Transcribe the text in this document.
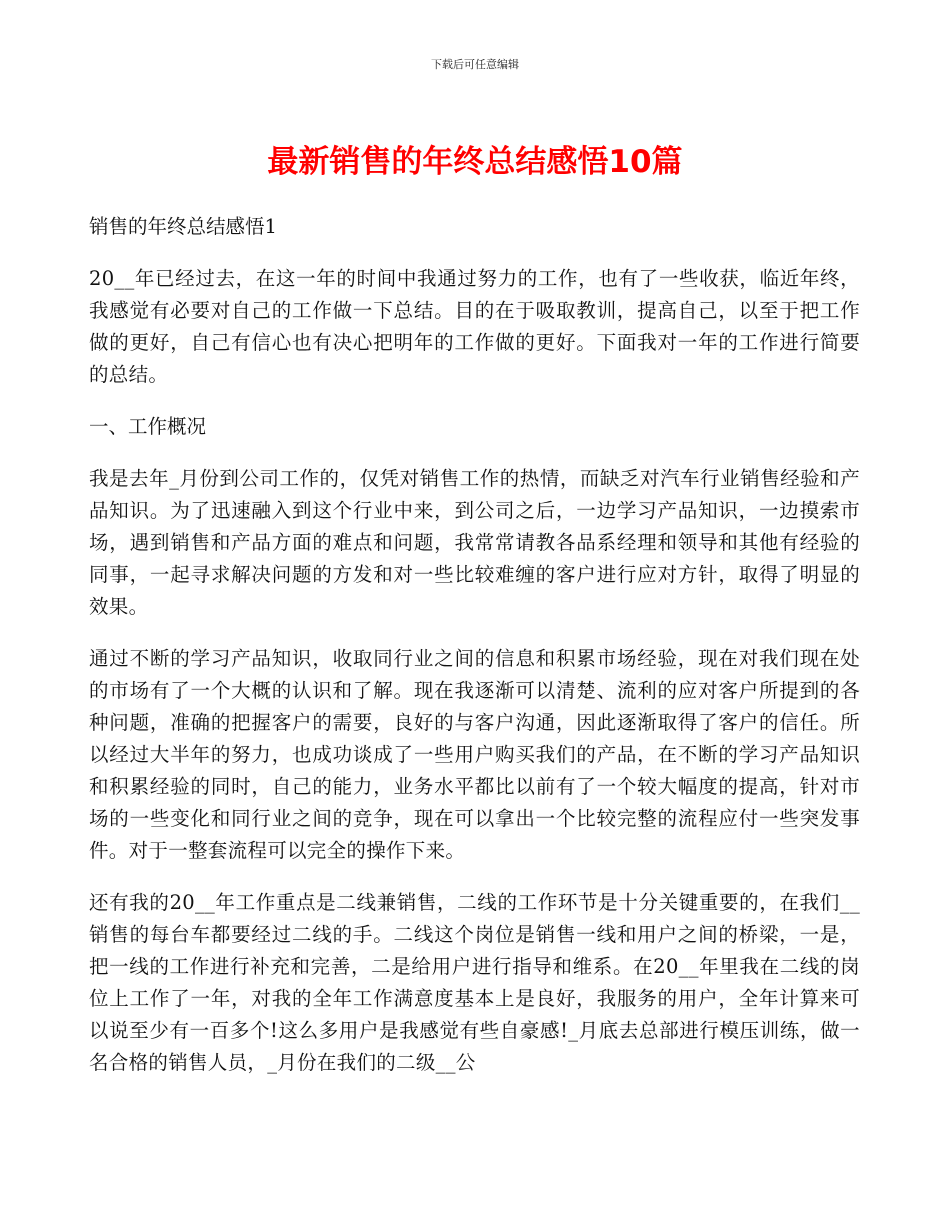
下载后可任意编辑
最新销售的年终总结感悟10篇

销售的年终总结感悟1

20__年已经过去，在这一年的时间中我通过努力的工作，也有了一些收获，临近年终，我感觉有必要对自己的工作做一下总结。目的在于吸取教训，提高自己，以至于把工作做的更好，自己有信心也有决心把明年的工作做的更好。下面我对一年的工作进行简要的总结。

一、工作概况

我是去年_月份到公司工作的，仅凭对销售工作的热情，而缺乏对汽车行业销售经验和产品知识。为了迅速融入到这个行业中来，到公司之后，一边学习产品知识，一边摸索市场，遇到销售和产品方面的难点和问题，我常常请教各品系经理和领导和其他有经验的同事，一起寻求解决问题的方发和对一些比较难缠的客户进行应对方针，取得了明显的效果。

通过不断的学习产品知识，收取同行业之间的信息和积累市场经验，现在对我们现在处的市场有了一个大概的认识和了解。现在我逐渐可以清楚、流利的应对客户所提到的各种问题，准确的把握客户的需要，良好的与客户沟通，因此逐渐取得了客户的信任。所以经过大半年的努力，也成功谈成了一些用户购买我们的产品，在不断的学习产品知识和积累经验的同时，自己的能力，业务水平都比以前有了一个较大幅度的提高，针对市场的一些变化和同行业之间的竞争，现在可以拿出一个比较完整的流程应付一些突发事件。对于一整套流程可以完全的操作下来。

还有我的20__年工作重点是二线兼销售，二线的工作环节是十分关键重要的，在我们__销售的每台车都要经过二线的手。二线这个岗位是销售一线和用户之间的桥梁，一是，把一线的工作进行补充和完善，二是给用户进行指导和维系。在20__年里我在二线的岗位上工作了一年，对我的全年工作满意度基本上是良好，我服务的用户，全年计算来可以说至少有一百多个!这么多用户是我感觉有些自豪感!_月底去总部进行模压训练，做一名合格的销售人员，_月份在我们的二级__公
